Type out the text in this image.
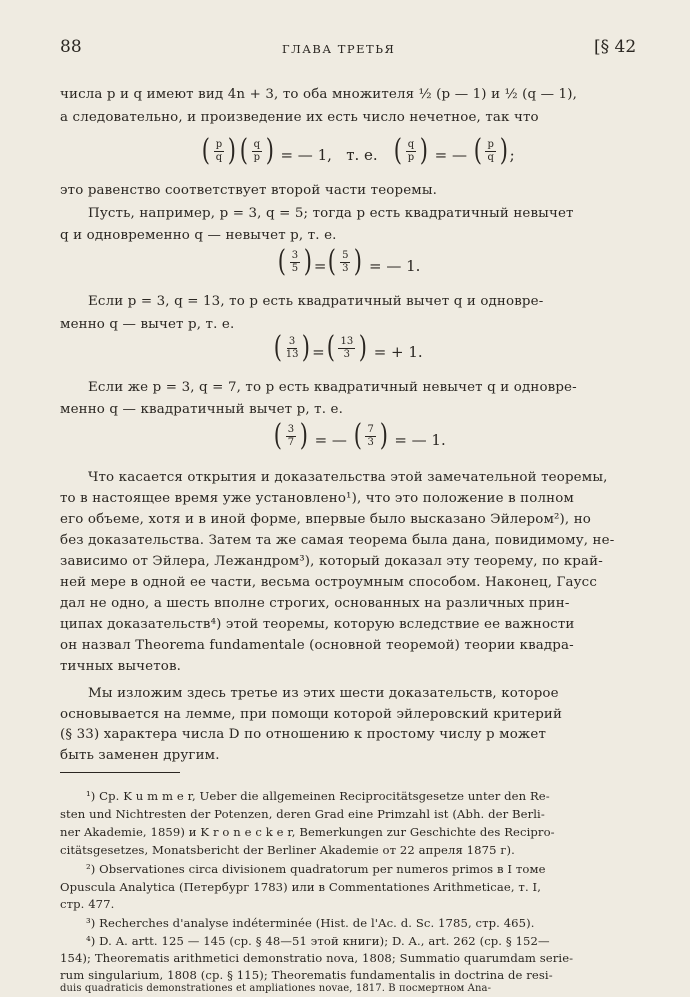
88	ГЛАВА ТРЕТЬЯ	[§ 42
числа p и q имеют вид 4n + 3, то оба множителя ½ (p — 1) и ½ (q — 1),
а следовательно, и произведение их есть число нечетное, так что
( $\frac{p}{q}$ ) ( $\frac{q}{p}$ ) = — 1, т. е. ( $\frac{q}{p}$ ) = — ( $\frac{p}{q}$ ) ;
это равенство соответствует второй части теоремы.
Пусть, например, p = 3, q = 5; тогда p есть квадратичный невычет
q и одновременно q — невычет p, т. е.
( $\frac{3}{5}$ ) = ( $\frac{5}{3}$ ) = — 1.
Если p = 3, q = 13, то p есть квадратичный вычет q и одновре-
менно q — вычет p, т. е.
( $\frac{3}{13}$ ) = ( $\frac{13}{3}$ ) = + 1.
Если же p = 3, q = 7, то p есть квадратичный невычет q и одновре-
менно q — квадратичный вычет p, т. е.
( $\frac{3}{7}$ ) = — ( $\frac{7}{3}$ ) = — 1.
Что касается открытия и доказательства этой замечательной теоремы,
то в настоящее время уже установлено¹), что это положение в полном
его объеме, хотя и в иной форме, впервые было высказано Эйлером²), но
без доказательства. Затем та же самая теорема была дана, повидимому, не-
зависимо от Эйлера, Лежандром³), который доказал эту теорему, по край-
ней мере в одной ее части, весьма остроумным способом. Наконец, Гаусс
дал не одно, а шесть вполне строгих, основанных на различных прин-
ципах доказательств⁴) этой теоремы, которую вследствие ее важности
он назвал Theorema fundamentale (основной теоремой) теории квадра-
тичных вычетов.
Мы изложим здесь третье из этих шести доказательств, которое
основывается на лемме, при помощи которой эйлеровский критерий
(§ 33) характера числа D по отношению к простому числу p может
быть заменен другим.
¹) Cp. K u m m e r, Ueber die allgemeinen Reciprocitätsgesetze unter den Re-
sten und Nichtresten der Potenzen, deren Grad eine Primzahl ist (Abh. der Berli-
ner Akademie, 1859) и K r o n e c k e r, Bemerkungen zur Geschichte des Recipro-
citätsgesetzes, Monatsbericht der Berliner Akademie от 22 апреля 1875 г).
²) Observationes circa divisionem quadratorum per numeros primos в I томе
Opuscula Analytica (Петербург 1783) или в Commentationes Arithmeticae, т. I,
стр. 477.
³) Recherches d'analyse indéterminée (Hist. de l'Ac. d. Sc. 1785, стр. 465).
⁴) D. A. artt. 125 — 145 (ср. § 48—51 этой книги); D. A., art. 262 (ср. § 152—
154); Theorematis arithmetici demonstratio nova, 1808; Summatio quarumdam serie-
rum singularium, 1808 (ср. § 115); Theorematis fundamentalis in doctrina de resi-
duis quadraticis demonstrationes et ampliationes novae, 1817. В посмертном Ana-
